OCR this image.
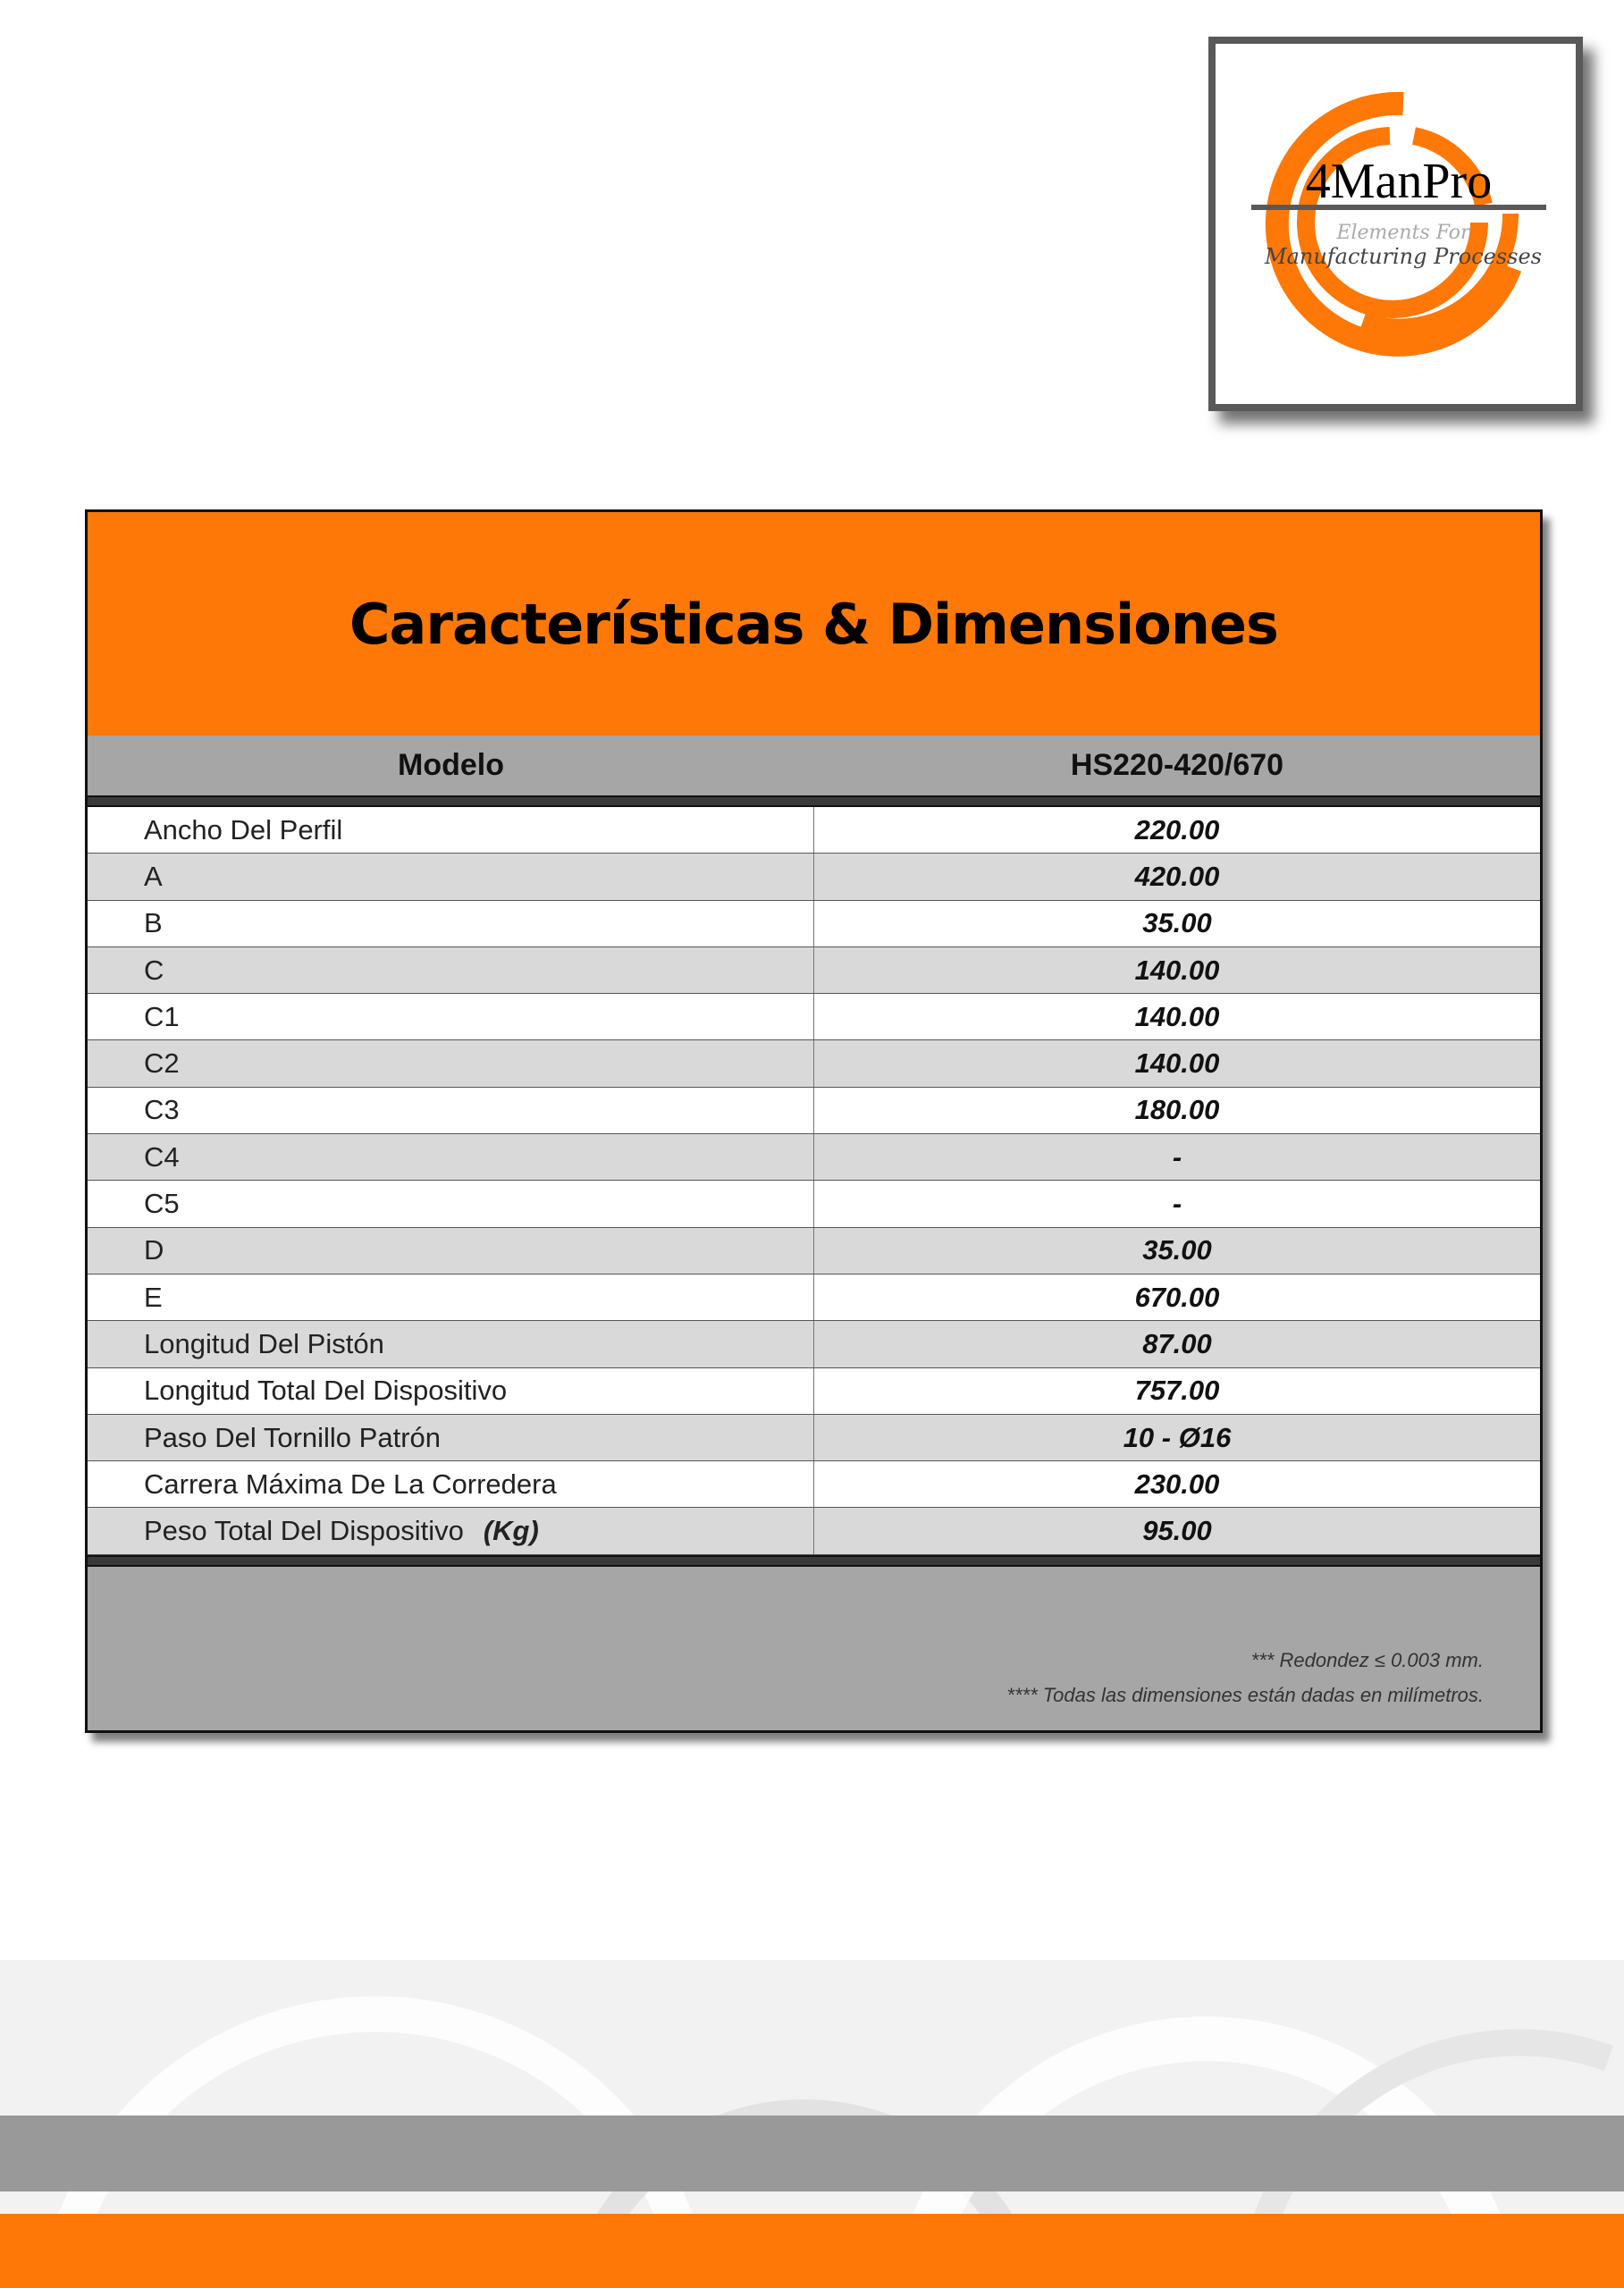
4ManPro
Elements For
Manufacturing Processes
Características & Dimensiones
Modelo	HS220-420/670
Ancho Del Perfil	220.00
A	420.00
B	35.00
C	140.00
C1	140.00
C2	140.00
C3	180.00
C4	-
C5	-
D	35.00
E	670.00
Longitud Del Pistón	87.00
Longitud Total Del Dispositivo	757.00
Paso Del Tornillo Patrón	10 - Ø16
Carrera Máxima De La Corredera	230.00
Peso Total Del Dispositivo (Kg)	95.00
*** Redondez ≤ 0.003 mm.
**** Todas las dimensiones están dadas en milímetros.
